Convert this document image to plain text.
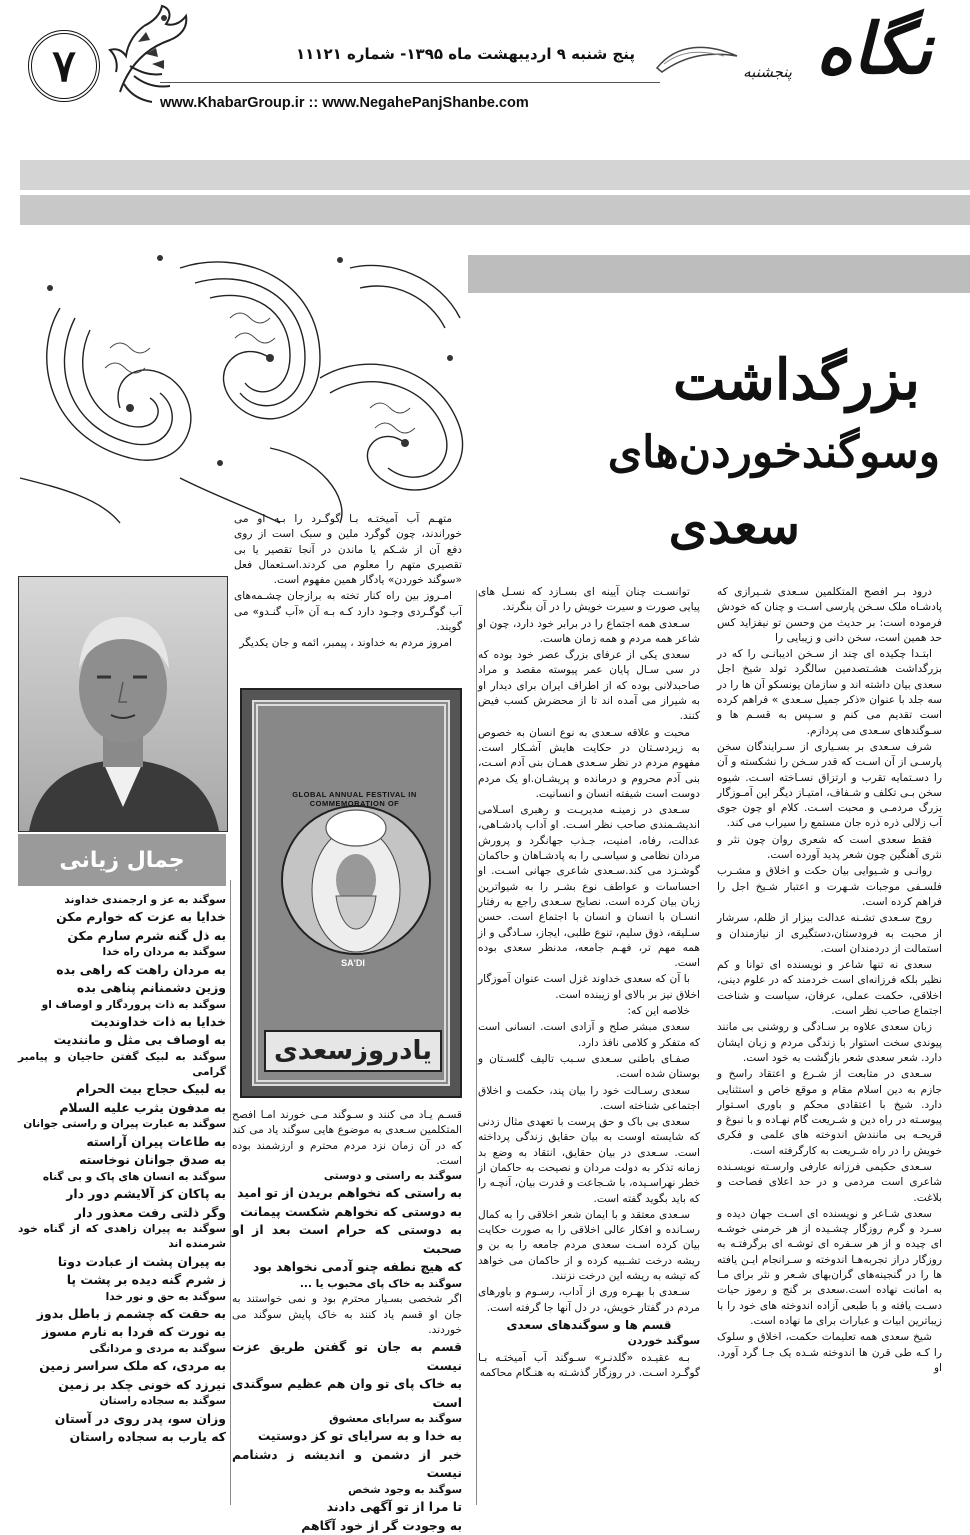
۷	پنج شنبه ۹ اردیبهشت ماه ۱۳۹۵- شماره ۱۱۱۲۱
www.KhabarGroup.ir :: www.NegahePanjShanbe.com
نگاه
پنجشنبه
بزرگداشت
وسوگندخوردن‌های
سعدی

درود بـر افصح المتکلمین سـعدی شـیرازی که پادشـاه ملک سـخن پارسی اسـت و چنان که خودش فرموده است: بر حدیث من وحسن تو نیفزاید کس حد همین است، سخن دانی و زیبایی را

ابتـدا چکیده ای چند از سـخن ادیبانـی را که در بزرگداشت هشـتصدمین سالگرد تولد شیخ اجل سعدی بیان داشته اند و سازمان یونسکو آن ها را در سه جلد با عنوان «ذکر جمیل سـعدی » فراهم کرده است تقدیم می کنم و سـپس به قسـم ها و سـوگندهای سـعدی می پردازم.

شرف سـعدی بر بسـیاری از سـرایندگان سخن پارسـی از آن اسـت که قدر سـخن را نشکسته و آن را دسـتمایه تقرب و ارتزاق نسـاخته اسـت. شیوه سخن بـی تکلف و شـفاف، امتیـاز دیگر این آمـوزگار بزرگ مردمـی و محبت اسـت. کلام او چون جوی آب زلالی ذره ذره جان مستمع را سیراب می کند.

فقط سعدی است که شعری روان چون نثر و نثری آهنگین چون شعر پدید آورده است.

روانـی و شـیوایی بیان حکت و اخلاق و مشـرب فلسـفی موجبات شـهرت و اعتبار شـیخ اجل را فراهم کرده است.

روح سـعدی تشـنه عدالت بیزار از ظلم، سرشار از محبت به فرودستان،دستگیری از نیازمندان و استمالت از دردمندان است.

سعدی نه تنها شاعر و نویسنده ای توانا و کم نظیر بلکه فرزانه‌ای است خردمند که در علوم دینی، اخلاقی، حکمت عملی، عرفان، سیاست و شناخت اجتماع صاحب نظر است.

زبان سعدی علاوه بر سـادگی و روشنی بی مانند پیوندی سخت استوار با زندگی مردم و زبان ایشان دارد. شعر سعدی شعر بازگشت به خود است.

سـعدی در متابعت از شـرع و اعتقاد راسخ و جازم به دین اسلام مقام و موقع خاص و استثنایی دارد. شیخ با اعتقادی محکم و باوری اسـتوار پیوسـته در راه دین و شـریعت گام نهـاده و با نبوغ و قریحـه بی مانندش اندوخته های علمی و فکری خویش را در راه شـریعت به کارگرفته است.

سـعدی حکیمی فرزانه عارفی وارسـته نویسـنده شاعری است مردمی و در حد اعلای فصاحت و بلاغت.

سعدی شـاعر و نویسنده ای اسـت جهان دیده و سـرد و گرم روزگار چشـیده از هر خرمنی خوشـه ای چیده و از هر سـفره ای توشـه ای برگرفتـه به روزگار دراز تجربه‌هـا اندوخته و سـرانجام ایـن یافته ها را در گنجینه‌های گران‌بهای شـعر و نثر برای مـا به امانت نهاده است.سعدی بر گنج و رموز حیات دسـت یافته و با طبعی آزاده اندوخته های خود را با زیباترین ابیات و عبارات برای ما نهاده است.

شیخ سعدی همه تعلیمات حکمت، اخلاق و سلوک را کـه طی قرن ها اندوخته شـده یک جـا گرد آورد. او

توانسـت چنان آیینه ای بسـازد که نسـل های پیایی صورت و سیرت خویش را در آن بنگرند.

سـعدی همه اجتماع را در برابر خود دارد، چون او شاعر همه مردم و همه زمان هاست.

سعدی یکی از عرفای بزرگ عصر خود بوده که در سی سـال پایان عمر پیوسته مقصد و مراد صاحبدلانی بوده که از اطراف ایران برای دیدار او به شیراز می آمده اند تا از محضرش کسب فیض کنند.

محبت و علاقه سـعدی به نوع انسان به خصوص به زیردسـتان در حکایت هایش آشـکار است. مفهوم مردم در نظر سـعدی همـان بنی آدم اسـت، بنی آدم محروم و درمانده و پریشـان.او یک مردم دوست است شیفته انسان و انسانیت.

سـعدی در زمینـه مدیریـت و رهبری اسـلامی اندیشـمندی صاحب نظر اسـت. او آداب پادشـاهی، عدالت، رفاه، امنیت، جـذب جهانگرد و پرورش مردان نظامی و سیاسـی را به پادشـاهان و حاکمان گوشـزد می کند.سـعدی شاعری جهانی اسـت. او احساسات و عواطف نوع بشـر را به شیواترین زبان بیان کرده است. نصایح سـعدی راجع به رفتار انسـان با انسان و انسان با اجتماع است. حسن سـلیقه، ذوق سلیم، تنوع طلبی، ایجاز، سـادگی و از همه مهم تر، فهـم جامعه، مدنظر سعدی بوده است.

با آن که سعدی خداوند غزل است عنوان آموزگار اخلاق نیز بر بالای او زیبنده است.

خلاصه این که:

سعدی مبشر صلح و آزادی است. انسانی است که متفکر و کلامی نافذ دارد.

صفـای باطنی سـعدی سـبب تالیف گلسـتان و بوستان شده است.

سعدی رسـالت خود را بیان پند، حکمت و اخلاق اجتماعی شناخته است.

سعدی بی باک و حق پرست با تعهدی مثال زدنی که شایسته اوست به بیان حقایق زندگی پرداخته است. سـعدی در بیان حقایق، انتقاد به وضع بد زمانه تذکر به دولت مردان و نصیحت به حاکمان از خطر نهراسـیده، با شـجاعت و قدرت بیان، آنچـه را که باید بگوید گفته است.

سـعدی معتقد و با ایمان شعر اخلاقی را به کمال رسـانده و افکار عالی اخلاقی را به صورت حکایت بیان کرده اسـت سعدی مردم جامعه را به بن و ریشه درخت تشـبیه کرده و از حاکمان می خواهد که تیشه به ریشه این درخت نزنند.

سـعدی با بهـره وری از آداب، رسـوم و باورهای مردم در گفتار خویش، در دل آنها جا گرفته است.

قسم ها و سوگندهای سعدی

سوگند خوردن

بـه عقیـده «گلدنـر» سـوگند آب آمیختـه بـا گوگـرد اسـت. در روزگار گذشـته به هنـگام محاکمه

متهـم آب آمیختـه بـا گوگـرد را بـه او می خوراندند، چون گوگرد ملین و سبک است از روی دفع آن از شـکم یا ماندن در آنجا تقصیر یا بی تقصیری متهم را معلوم می کردند.اسـتعمال فعل «سوگند خوردن» یادگار همین مفهوم است.

امـروز بین راه کنار تخته به برازجان چشـمه‌های آب گوگـردی وجـود دارد کـه بـه آن «آب گنـدو» می گویند.

امروز مردم به خداوند ، پیمبر، ائمه و جان یکدیگر

GLOBAL ANNUAL FESTIVAL IN COMMEMORATION OF
SA'DI
یادروزسعدی

قسـم یـاد می کنند و سـوگند مـی خورند امـا افصح المتکلمین سـعدی به موضوع هایی سوگند یاد می کند که در آن زمان نزد مردم محترم و ارزشمند بوده است.

سوگند به راستی و دوستی

به راستی که نخواهم بریدن از تو امید

به دوستی که نخواهم شکست پیمانت

به دوستی که حرام است بعد از او صحبت

که هیچ نطفه چنو آدمی نخواهد بود

سوگند به خاک پای محبوب یا ...

اگر شخصی بسـیار محترم بود و نمی خواستند به جان او قسم یاد کنند به خاک پایش سوگند می خوردند.

قسم به جان تو گفتن طریق عزت نیست

به خاک پای تو وان هم عظیم سوگندی است

سوگند به سرایای معشوق

به خدا و به سرایای تو کز دوستیت

خبر از دشمن و اندیشه ز دشنامم نیست

سوگند به وجود شخص

تا مرا از تو آگهی دادند

به وجودت گر از خود آگاهم

جمال زیانی

سوگند به عز و ارجمندی خداوند

خدایا به عزت که خوارم مکن

به ذل گنه شرم سارم مکن

سوگند به مردان راه خدا

به مردان راهت که راهی بده

وزین دشمنانم پناهی بده

سوگند به ذات پروردگار و اوصاف او

خدایا به ذات خداوندیت

به اوصاف بی مثل و مانندیت

سوگند به لبیک گفتن حاجیان و پیامبر گرامی

به لبیک حجاج بیت الحرام

به مدفون یثرب علیه السلام

سوگند به عبارت پیران و راستی جوانان

به طاعات پیران آراسته

به صدق جوانان نوخاسته

سوگند به انسان های پاک و بی گناه

به پاکان کز آلایشم دور دار

وگر ذلتی رفت معذور دار

سوگند به پیران زاهدی که از گناه خود شرمنده اند

به پیران پشت از عبادت دوتا

ز شرم گنه دیده بر پشت پا

سوگند به حق و نور خدا

به حقت که چشمم ز باطل بدوز

به نورت که فردا به نارم مسوز

سوگند به مردی و مردانگی

به مردی، که ملک سراسر زمین

نیرزد که خونی چکد بر زمین

سوگند به سجاده راستان

وزان سو، پدر روی در آستان

که یارب به سجاده راستان
